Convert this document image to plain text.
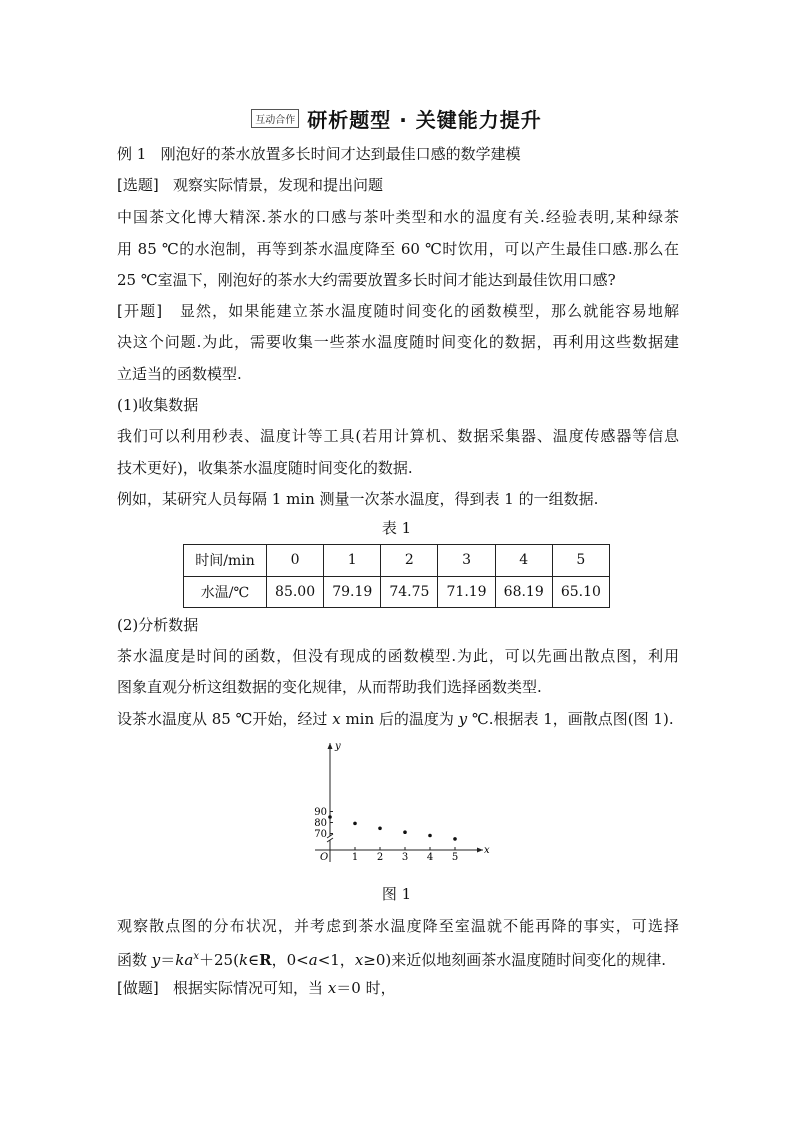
互动合作 研析题型 · 关键能力提升
例 1 刚泡好的茶水放置多长时间才达到最佳口感的数学建模
[选题] 观察实际情景，发现和提出问题
中国茶文化博大精深.茶水的口感与茶叶类型和水的温度有关.经验表明,某种绿茶
用 85 ℃的水泡制，再等到茶水温度降至 60 ℃时饮用，可以产生最佳口感.那么在
25 ℃室温下，刚泡好的茶水大约需要放置多长时间才能达到最佳饮用口感?
[开题] 显然，如果能建立茶水温度随时间变化的函数模型，那么就能容易地解
决这个问题.为此，需要收集一些茶水温度随时间变化的数据，再利用这些数据建
立适当的函数模型.
(1)收集数据
我们可以利用秒表、温度计等工具(若用计算机、数据采集器、温度传感器等信息
技术更好)，收集茶水温度随时间变化的数据.
例如，某研究人员每隔 1 min 测量一次茶水温度，得到表 1 的一组数据.
表 1
时间/min	0	1	2	3	4	5
水温/℃	85.00	79.19	74.75	71.19	68.19	65.10
(2)分析数据
茶水温度是时间的函数，但没有现成的函数模型.为此，可以先画出散点图，利用
图象直观分析这组数据的变化规律，从而帮助我们选择函数类型.
设茶水温度从 85 ℃开始，经过 x min 后的温度为 y ℃.根据表 1，画散点图(图 1).
x
y
O 1 2 3 4 5
70
80
90
图 1
观察散点图的分布状况，并考虑到茶水温度降至室温就不能再降的事实，可选择
函数 $y=ka^x+25(k\in R$，0<a<1，x≥0)来近似地刻画茶水温度随时间变化的规律.
[做题] 根据实际情况可知，当 x＝0 时，
